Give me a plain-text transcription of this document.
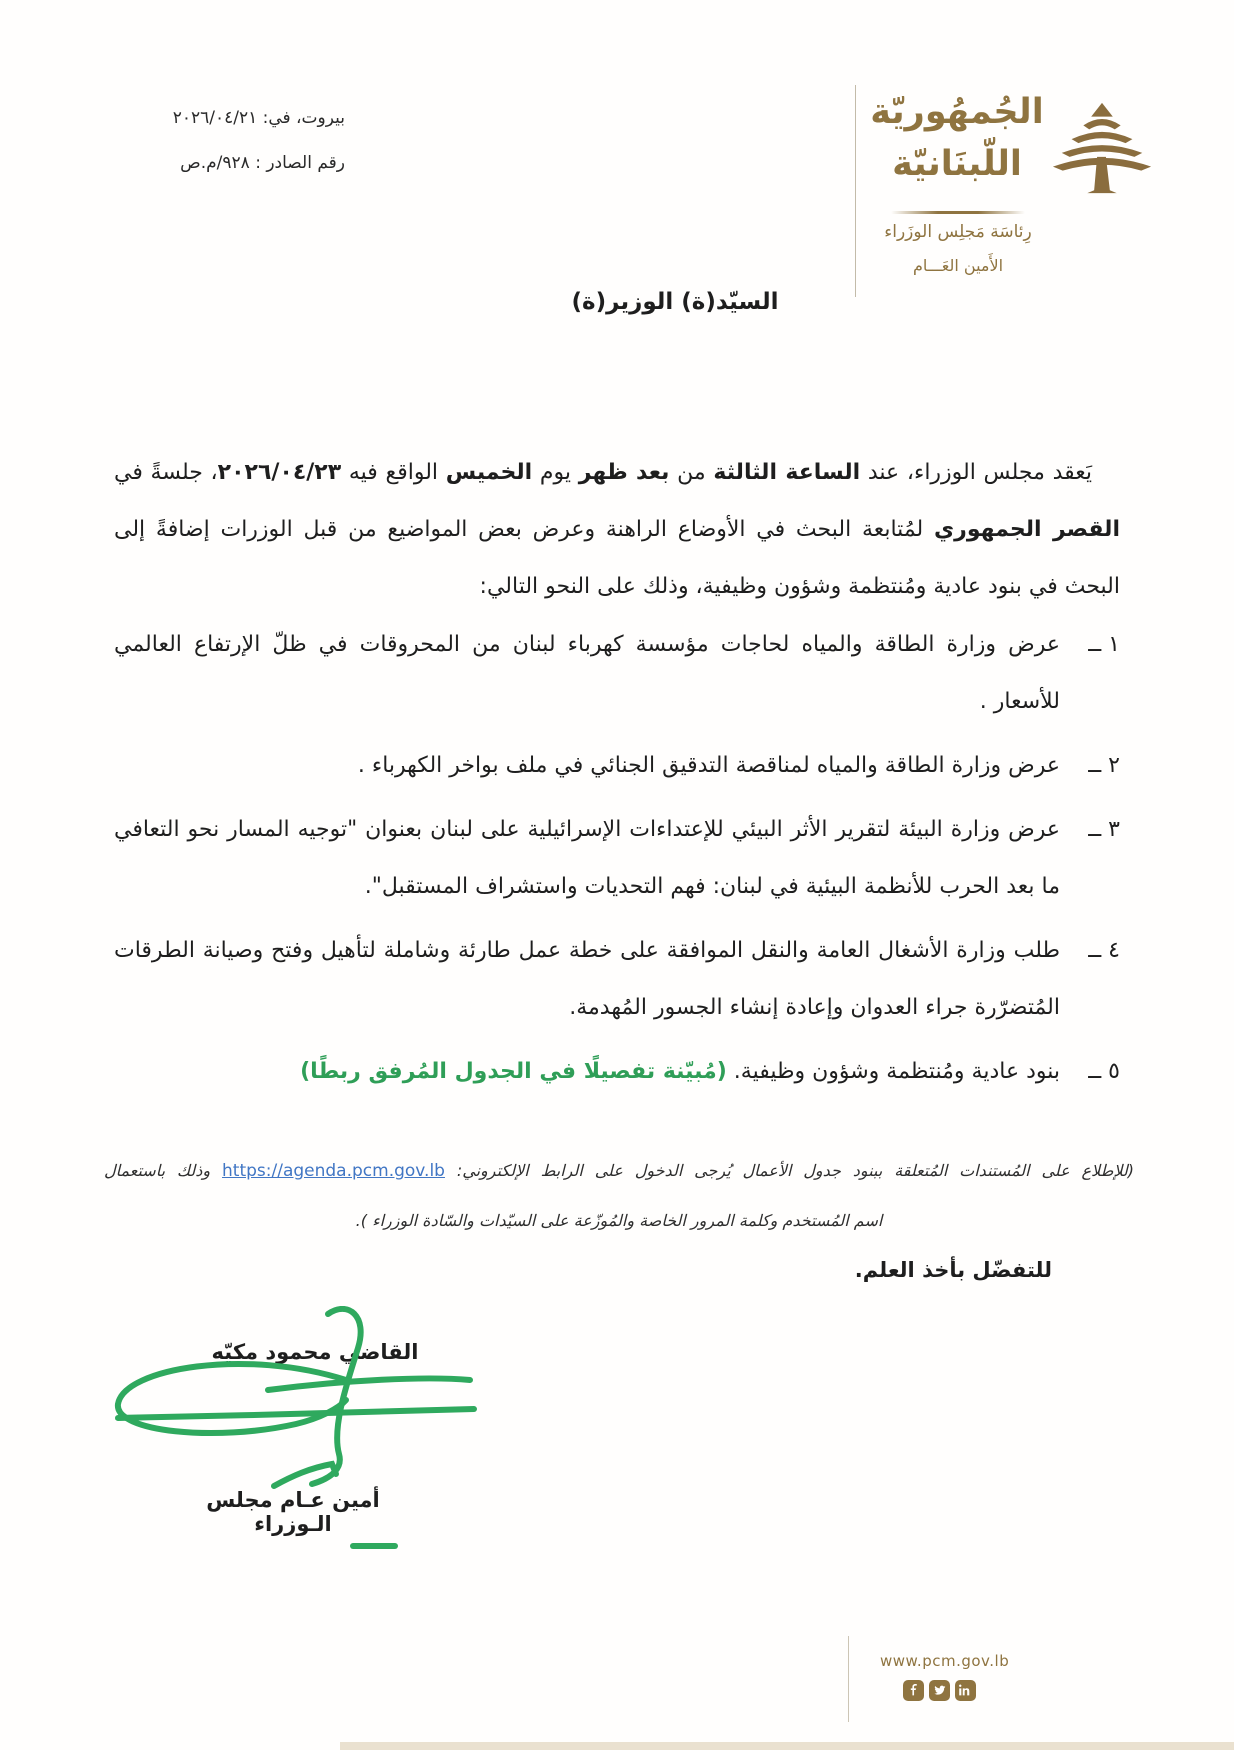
بيروت، في: ٢٠٢٦/٠٤/٢١
رقم الصادر : ٩٢٨/م.ص
الجُمهُوريّة
اللّبنَانيّة
رِئاسَة مَجلِس الوزَراء
الأَمين العَـــام
السيّد(ة) الوزير(ة)

يَعقد مجلس الوزراء، عند الساعة الثالثة من بعد ظهر يوم الخميس الواقع فيه ٢٠٢٦/٠٤/٢٣، جلسةً في القصر الجمهوري لمُتابعة البحث في الأوضاع الراهنة وعرض بعض المواضيع من قبل الوزرات إضافةً إلى البحث في بنود عادية ومُنتظمة وشؤون وظيفية، وذلك على النحو التالي:

١ ــ
عرض وزارة الطاقة والمياه لحاجات مؤسسة كهرباء لبنان من المحروقات في ظلّ الإرتفاع العالمي للأسعار .
٢ ــ
عرض وزارة الطاقة والمياه لمناقصة التدقيق الجنائي في ملف بواخر الكهرباء .
٣ ــ
عرض وزارة البيئة لتقرير الأثر البيئي للإعتداءات الإسرائيلية على لبنان بعنوان "توجيه المسار نحو التعافي ما بعد الحرب للأنظمة البيئية في لبنان: فهم التحديات واستشراف المستقبل".
٤ ــ
طلب وزارة الأشغال العامة والنقل الموافقة على خطة عمل طارئة وشاملة لتأهيل وفتح وصيانة الطرقات المُتضرّرة جراء العدوان وإعادة إنشاء الجسور المُهدمة.
٥ ــ
بنود عادية ومُنتظمة وشؤون وظيفية. (مُبيّنة تفصيلًا في الجدول المُرفق ربطًا)
(للإطلاع على المُستندات المُتعلقة ببنود جدول الأعمال يُرجى الدخول على الرابط الإلكتروني: https://agenda.pcm.gov.lb وذلك باستعمال
اسم المُستخدم وكلمة المرور الخاصة والمُوزّعة على السيّدات والسّادة الوزراء ).
للتفضّل بأخذ العلم.
القاضي محمود مكيّه
أمين عـام مجلس الـوزراء
www.pcm.gov.lb
